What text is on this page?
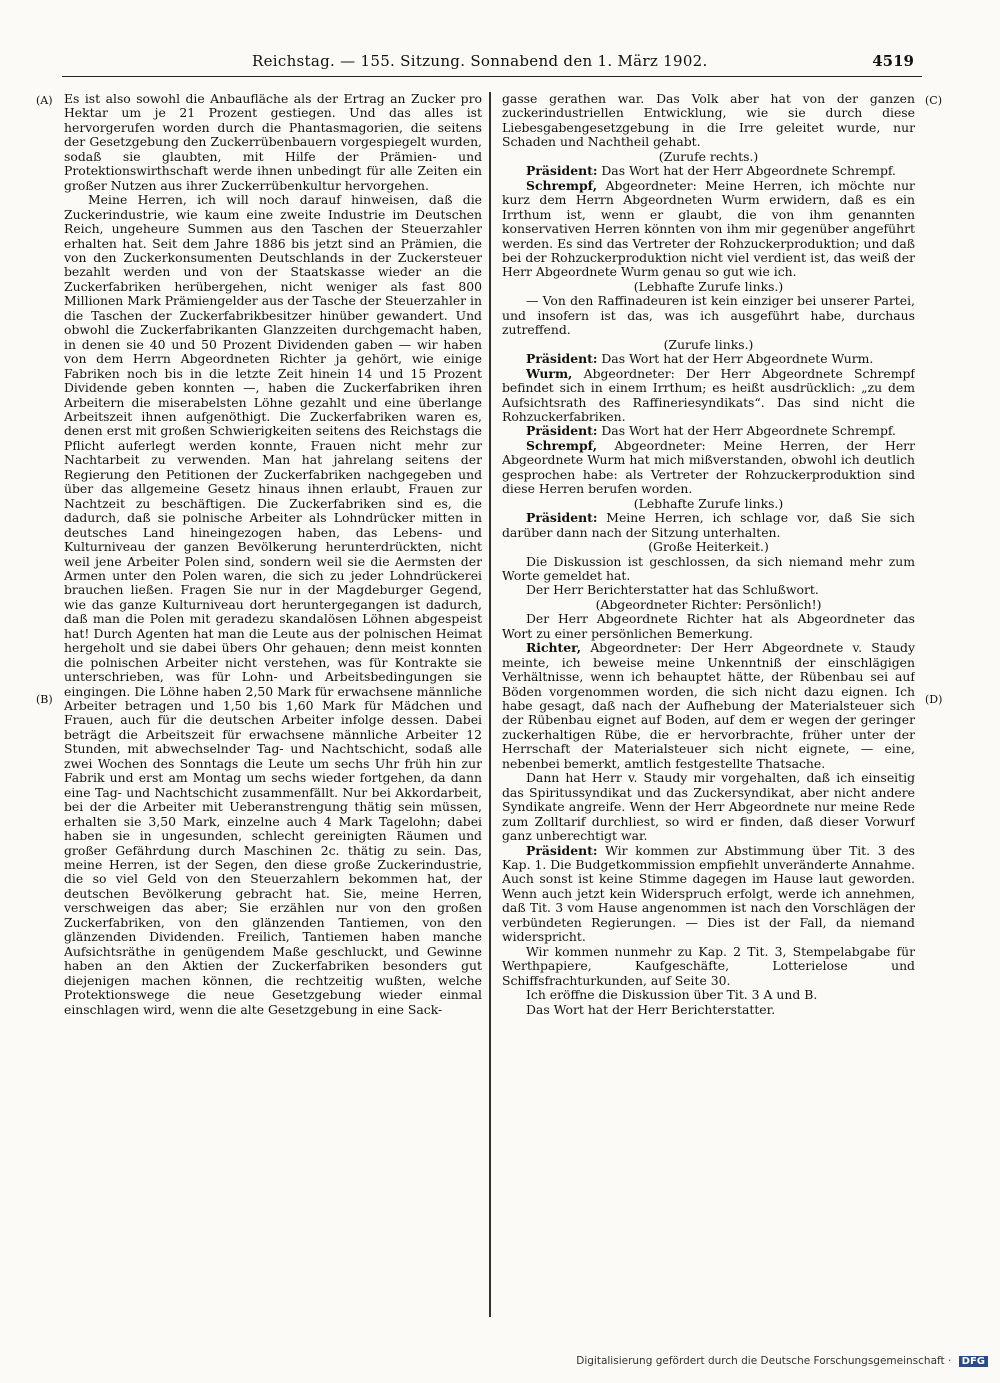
Reichstag. — 155. Sitzung. Sonnabend den 1. März 1902.	4519
(A)
(B)
(C)
(D)

Es ist also sowohl die Anbaufläche als der Ertrag an Zucker pro Hektar um je 21 Prozent gestiegen. Und das alles ist hervorgerufen worden durch die Phantasmagorien, die seitens der Gesetzgebung den Zuckerrübenbauern vorgespiegelt wurden, sodaß sie glaubten, mit Hilfe der Prämien- und Protektionswirthschaft werde ihnen unbedingt für alle Zeiten ein großer Nutzen aus ihrer Zuckerrübenkultur hervorgehen.

Meine Herren, ich will noch darauf hinweisen, daß die Zuckerindustrie, wie kaum eine zweite Industrie im Deutschen Reich, ungeheure Summen aus den Taschen der Steuerzahler erhalten hat. Seit dem Jahre 1886 bis jetzt sind an Prämien, die von den Zuckerkonsumenten Deutschlands in der Zuckersteuer bezahlt werden und von der Staatskasse wieder an die Zuckerfabriken herübergehen, nicht weniger als fast 800 Millionen Mark Prämiengelder aus der Tasche der Steuerzahler in die Taschen der Zuckerfabrikbesitzer hinüber gewandert. Und obwohl die Zuckerfabrikanten Glanzzeiten durchgemacht haben, in denen sie 40 und 50 Prozent Dividenden gaben — wir haben von dem Herrn Abgeordneten Richter ja gehört, wie einige Fabriken noch bis in die letzte Zeit hinein 14 und 15 Prozent Dividende geben konnten —, haben die Zuckerfabriken ihren Arbeitern die miserabelsten Löhne gezahlt und eine überlange Arbeitszeit ihnen aufgenöthigt. Die Zuckerfabriken waren es, denen erst mit großen Schwierigkeiten seitens des Reichstags die Pflicht auferlegt werden konnte, Frauen nicht mehr zur Nachtarbeit zu verwenden. Man hat jahrelang seitens der Regierung den Petitionen der Zuckerfabriken nachgegeben und über das allgemeine Gesetz hinaus ihnen erlaubt, Frauen zur Nachtzeit zu beschäftigen. Die Zuckerfabriken sind es, die dadurch, daß sie polnische Arbeiter als Lohndrücker mitten in deutsches Land hineingezogen haben, das Lebens- und Kulturniveau der ganzen Bevölkerung herunterdrückten, nicht weil jene Arbeiter Polen sind, sondern weil sie die Aermsten der Armen unter den Polen waren, die sich zu jeder Lohndrückerei brauchen ließen. Fragen Sie nur in der Magdeburger Gegend, wie das ganze Kulturniveau dort heruntergegangen ist dadurch, daß man die Polen mit geradezu skandalösen Löhnen abgespeist hat! Durch Agenten hat man die Leute aus der polnischen Heimat hergeholt und sie dabei übers Ohr gehauen; denn meist konnten die polnischen Arbeiter nicht verstehen, was für Kontrakte sie unterschrieben, was für Lohn- und Arbeitsbedingungen sie eingingen. Die Löhne haben 2,50 Mark für erwachsene männliche Arbeiter betragen und 1,50 bis 1,60 Mark für Mädchen und Frauen, auch für die deutschen Arbeiter infolge dessen. Dabei beträgt die Arbeitszeit für erwachsene männliche Arbeiter 12 Stunden, mit abwechselnder Tag- und Nachtschicht, sodaß alle zwei Wochen des Sonntags die Leute um sechs Uhr früh hin zur Fabrik und erst am Montag um sechs wieder fortgehen, da dann eine Tag- und Nachtschicht zusammenfällt. Nur bei Akkordarbeit, bei der die Arbeiter mit Ueberanstrengung thätig sein müssen, erhalten sie 3,50 Mark, einzelne auch 4 Mark Tagelohn; dabei haben sie in ungesunden, schlecht gereinigten Räumen und großer Gefährdung durch Maschinen 2c. thätig zu sein. Das, meine Herren, ist der Segen, den diese große Zuckerindustrie, die so viel Geld von den Steuerzahlern bekommen hat, der deutschen Bevölkerung gebracht hat. Sie, meine Herren, verschweigen das aber; Sie erzählen nur von den großen Zuckerfabriken, von den glänzenden Tantiemen, von den glänzenden Dividenden. Freilich, Tantiemen haben manche Aufsichtsräthe in genügendem Maße geschluckt, und Gewinne haben an den Aktien der Zuckerfabriken besonders gut diejenigen machen können, die rechtzeitig wußten, welche Protektionswege die neue Gesetzgebung wieder einmal einschlagen wird, wenn die alte Gesetzgebung in eine Sack-

gasse gerathen war. Das Volk aber hat von der ganzen zuckerindustriellen Entwicklung, wie sie durch diese Liebesgabengesetzgebung in die Irre geleitet wurde, nur Schaden und Nachtheil gehabt.

(Zurufe rechts.)

Präsident: Das Wort hat der Herr Abgeordnete Schrempf.

Schrempf, Abgeordneter: Meine Herren, ich möchte nur kurz dem Herrn Abgeordneten Wurm erwidern, daß es ein Irrthum ist, wenn er glaubt, die von ihm genannten konservativen Herren könnten von ihm mir gegenüber angeführt werden. Es sind das Vertreter der Rohzuckerproduktion; und daß bei der Rohzuckerproduktion nicht viel verdient ist, das weiß der Herr Abgeordnete Wurm genau so gut wie ich.

(Lebhafte Zurufe links.)

— Von den Raffinadeuren ist kein einziger bei unserer Partei, und insofern ist das, was ich ausgeführt habe, durchaus zutreffend.

(Zurufe links.)

Präsident: Das Wort hat der Herr Abgeordnete Wurm.

Wurm, Abgeordneter: Der Herr Abgeordnete Schrempf befindet sich in einem Irrthum; es heißt ausdrücklich: „zu dem Aufsichtsrath des Raffineriesyndikats“. Das sind nicht die Rohzuckerfabriken.

Präsident: Das Wort hat der Herr Abgeordnete Schrempf.

Schrempf, Abgeordneter: Meine Herren, der Herr Abgeordnete Wurm hat mich mißverstanden, obwohl ich deutlich gesprochen habe: als Vertreter der Rohzuckerproduktion sind diese Herren berufen worden.

(Lebhafte Zurufe links.)

Präsident: Meine Herren, ich schlage vor, daß Sie sich darüber dann nach der Sitzung unterhalten.

(Große Heiterkeit.)

Die Diskussion ist geschlossen, da sich niemand mehr zum Worte gemeldet hat.

Der Herr Berichterstatter hat das Schlußwort.

(Abgeordneter Richter: Persönlich!)

Der Herr Abgeordnete Richter hat als Abgeordneter das Wort zu einer persönlichen Bemerkung.

Richter, Abgeordneter: Der Herr Abgeordnete v. Staudy meinte, ich beweise meine Unkenntniß der einschlägigen Verhältnisse, wenn ich behauptet hätte, der Rübenbau sei auf Böden vorgenommen worden, die sich nicht dazu eignen. Ich habe gesagt, daß nach der Aufhebung der Materialsteuer sich der Rübenbau eignet auf Boden, auf dem er wegen der geringer zuckerhaltigen Rübe, die er hervorbrachte, früher unter der Herrschaft der Materialsteuer sich nicht eignete, — eine, nebenbei bemerkt, amtlich festgestellte Thatsache.

Dann hat Herr v. Staudy mir vorgehalten, daß ich einseitig das Spiritussyndikat und das Zuckersyndikat, aber nicht andere Syndikate angreife. Wenn der Herr Abgeordnete nur meine Rede zum Zolltarif durchliest, so wird er finden, daß dieser Vorwurf ganz unberechtigt war.

Präsident: Wir kommen zur Abstimmung über Tit. 3 des Kap. 1. Die Budgetkommission empfiehlt unveränderte Annahme. Auch sonst ist keine Stimme dagegen im Hause laut geworden. Wenn auch jetzt kein Widerspruch erfolgt, werde ich annehmen, daß Tit. 3 vom Hause angenommen ist nach den Vorschlägen der verbündeten Regierungen. — Dies ist der Fall, da niemand widerspricht.

Wir kommen nunmehr zu Kap. 2 Tit. 3, Stempelabgabe für Werthpapiere, Kaufgeschäfte, Lotterielose und Schiffsfrachturkunden, auf Seite 30.

Ich eröffne die Diskussion über Tit. 3 A und B.

Das Wort hat der Herr Berichterstatter.

Digitalisierung gefördert durch die Deutsche Forschungsgemeinschaft · DFG
